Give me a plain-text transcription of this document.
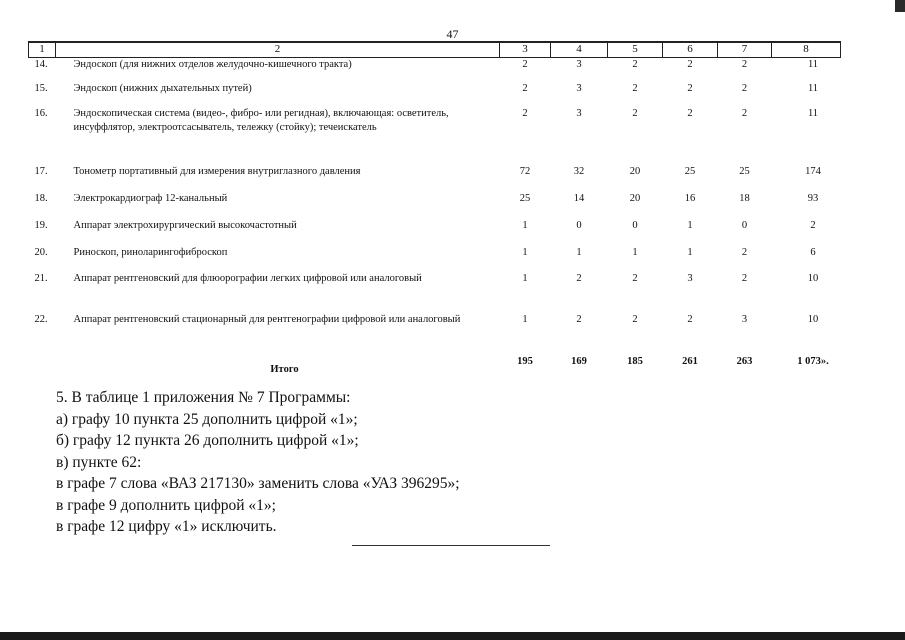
47
1	2	3	4	5	6	7	8
14.	Эндоскоп (для нижних отделов желудочно-кишечного тракта)	2	3	2	2	2	11
15.	Эндоскоп (нижних дыхательных путей)	2	3	2	2	2	11
16.	Эндоскопическая система (видео-, фибро- или регидная), включающая: осветитель, инсуффлятор, электроотсасыватель, тележку (стойку); течеискатель	2	3	2	2	2	11
17.	Тонометр портативный для измерения внутриглазного давления	72	32	20	25	25	174
18.	Электрокардиограф 12-канальный	25	14	20	16	18	93
19.	Аппарат электрохирургический высокочастотный	1	0	0	1	0	2
20.	Риноскоп, риноларингофиброскоп	1	1	1	1	2	6
21.	Аппарат рентгеновский для флюорографии легких цифровой или аналоговый	1	2	2	3	2	10
22.	Аппарат рентгеновский стационарный для рентгенографии цифровой или аналоговый	1	2	2	2	3	10
	Итого	195	169	185	261	263	1 073».
5. В таблице 1 приложения № 7 Программы:
а) графу 10 пункта 25 дополнить цифрой «1»;
б) графу 12 пункта 26 дополнить цифрой «1»;
в) пункте 62:
в графе 7 слова «ВАЗ 217130» заменить слова «УАЗ 396295»;
в графе 9 дополнить цифрой «1»;
в графе 12 цифру «1» исключить.
